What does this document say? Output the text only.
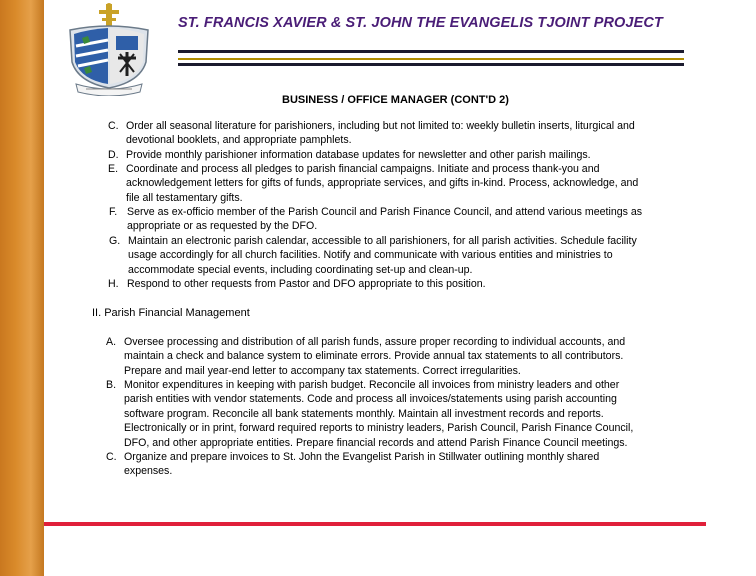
ST. FRANCIS XAVIER & ST. JOHN THE EVANGELIS TJOINT PROJECT
BUSINESS / OFFICE MANAGER (CONT'D 2)
C. Order all seasonal literature for parishioners, including but not limited to: weekly bulletin inserts, liturgical and
devotional booklets, and appropriate pamphlets.
D. Provide monthly parishioner information database updates for newsletter and other parish mailings.
E. Coordinate and process all pledges to parish financial campaigns. Initiate and process thank-you and
acknowledgement letters for gifts of funds, appropriate services, and gifts in-kind. Process, acknowledge, and
file all testamentary gifts.
F. Serve as ex-officio member of the Parish Council and Parish Finance Council, and attend various meetings as
appropriate or as requested by the DFO.
G. Maintain an electronic parish calendar, accessible to all parishioners, for all parish activities. Schedule facility
usage accordingly for all church facilities. Notify and communicate with various entities and ministries to
accommodate special events, including coordinating set-up and clean-up.
H. Respond to other requests from Pastor and DFO appropriate to this position.
II. Parish Financial Management
A. Oversee processing and distribution of all parish funds, assure proper recording to individual accounts, and
maintain a check and balance system to eliminate errors. Provide annual tax statements to all contributors.
Prepare and mail year-end letter to accompany tax statements. Correct irregularities.
B. Monitor expenditures in keeping with parish budget. Reconcile all invoices from ministry leaders and other
parish entities with vendor statements. Code and process all invoices/statements using parish accounting
software program. Reconcile all bank statements monthly. Maintain all investment records and reports.
Electronically or in print, forward required reports to ministry leaders, Parish Council, Parish Finance Council,
DFO, and other appropriate entities. Prepare financial records and attend Parish Finance Council meetings.
C. Organize and prepare invoices to St. John the Evangelist Parish in Stillwater outlining monthly shared
expenses.
